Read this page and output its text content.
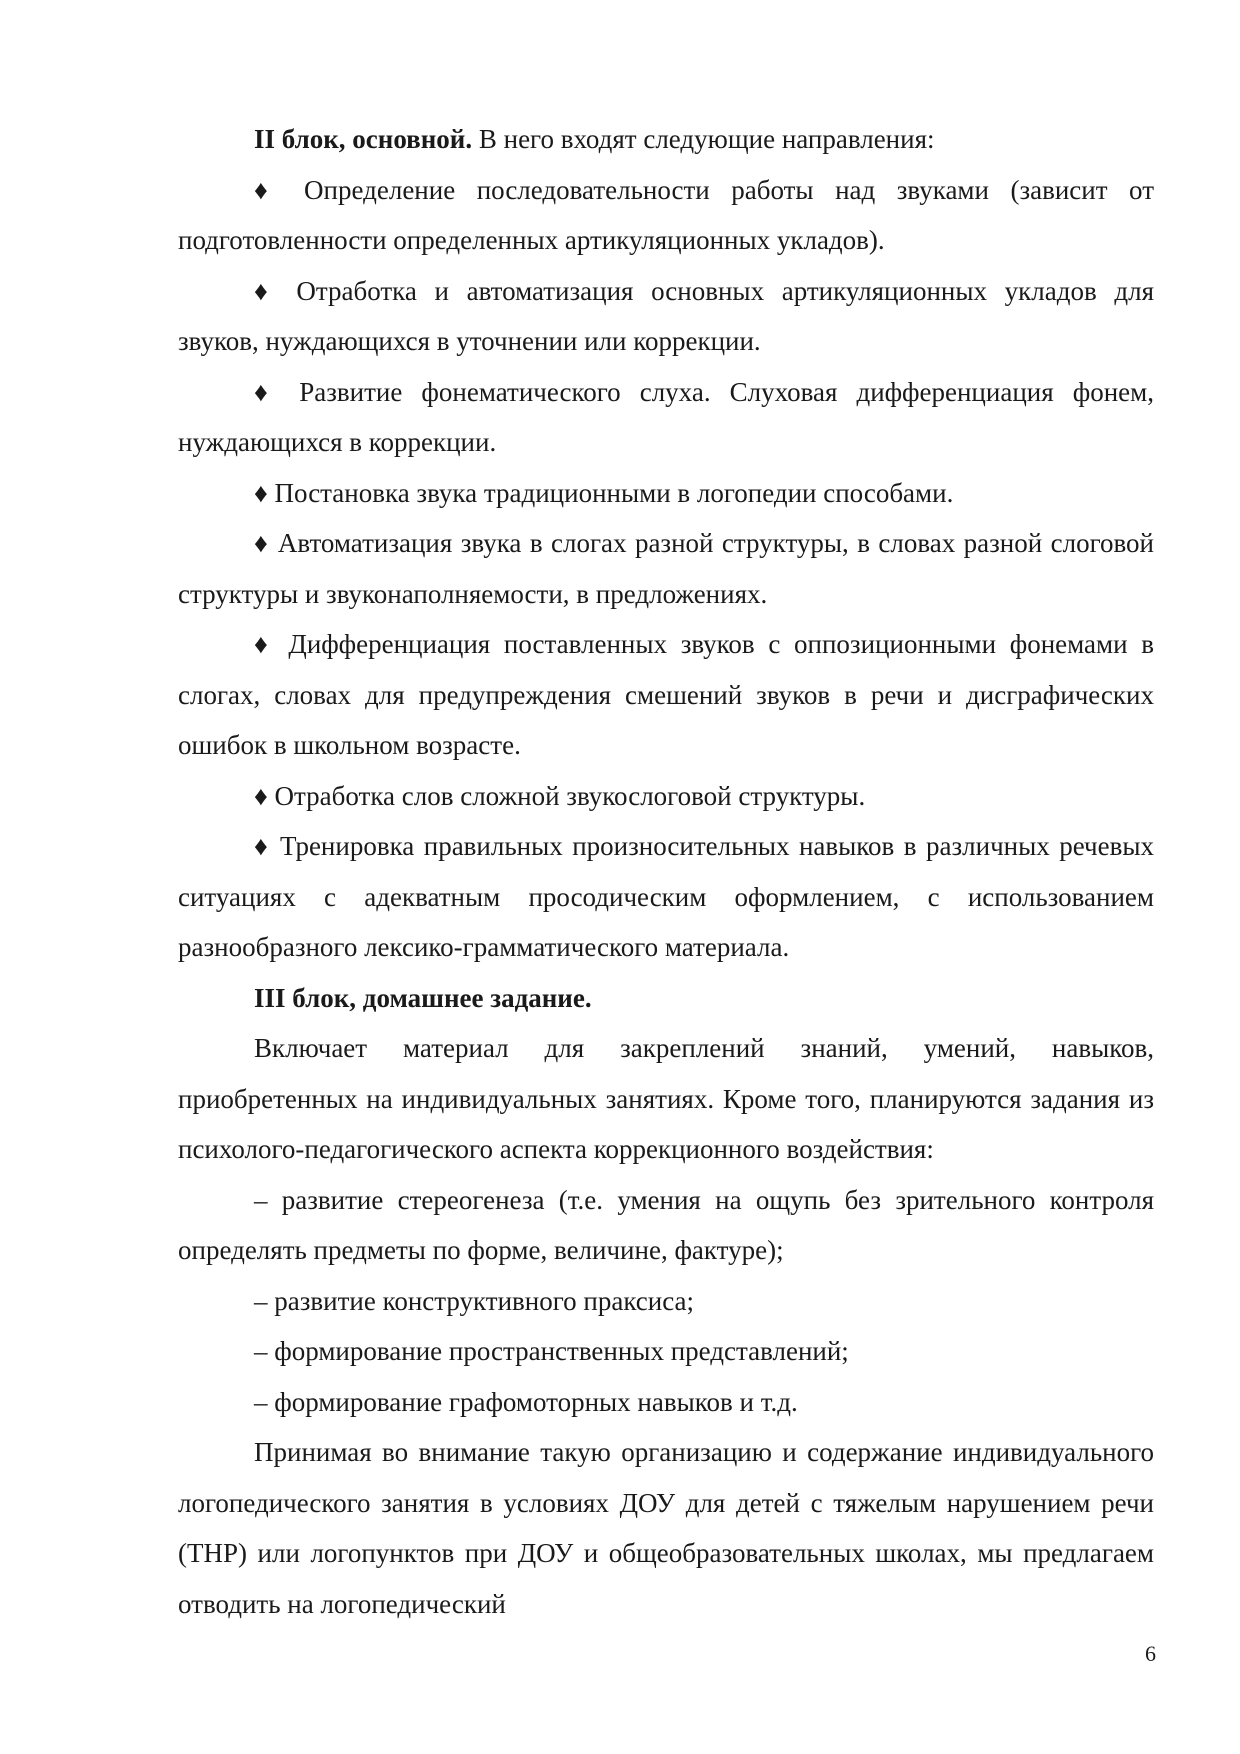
II блок, основной. В него входят следующие направления:

♦ Определение последовательности работы над звуками (зависит от подготовленности определенных артикуляционных укладов).

♦ Отработка и автоматизация основных артикуляционных укладов для звуков, нуждающихся в уточнении или коррекции.

♦ Развитие фонематического слуха. Слуховая дифференциация фонем, нуждающихся в коррекции.

♦ Постановка звука традиционными в логопедии способами.

♦ Автоматизация звука в слогах разной структуры, в словах разной слоговой структуры и звуконаполняемости, в предложениях.

♦ Дифференциация поставленных звуков с оппозиционными фонемами в слогах, словах для предупреждения смешений звуков в речи и дисграфических ошибок в школьном возрасте.

♦ Отработка слов сложной звукослоговой структуры.

♦ Тренировка правильных произносительных навыков в различных речевых ситуациях с адекватным просодическим оформлением, с использованием разнообразного лексико-грамматического материала.

III блок, домашнее задание.

Включает материал для закреплений знаний, умений, навыков, приобретенных на индивидуальных занятиях. Кроме того, планируются задания из психолого-педагогического аспекта коррекционного воздействия:

– развитие стереогенеза (т.е. умения на ощупь без зрительного контроля определять предметы по форме, величине, фактуре);

– развитие конструктивного праксиса;

– формирование пространственных представлений;

– формирование графомоторных навыков и т.д.

Принимая во внимание такую организацию и содержание индивидуального логопедического занятия в условиях ДОУ для детей с тяжелым нарушением речи (ТНР) или логопунктов при ДОУ и общеобразовательных школах, мы предлагаем отводить на логопедический

6
